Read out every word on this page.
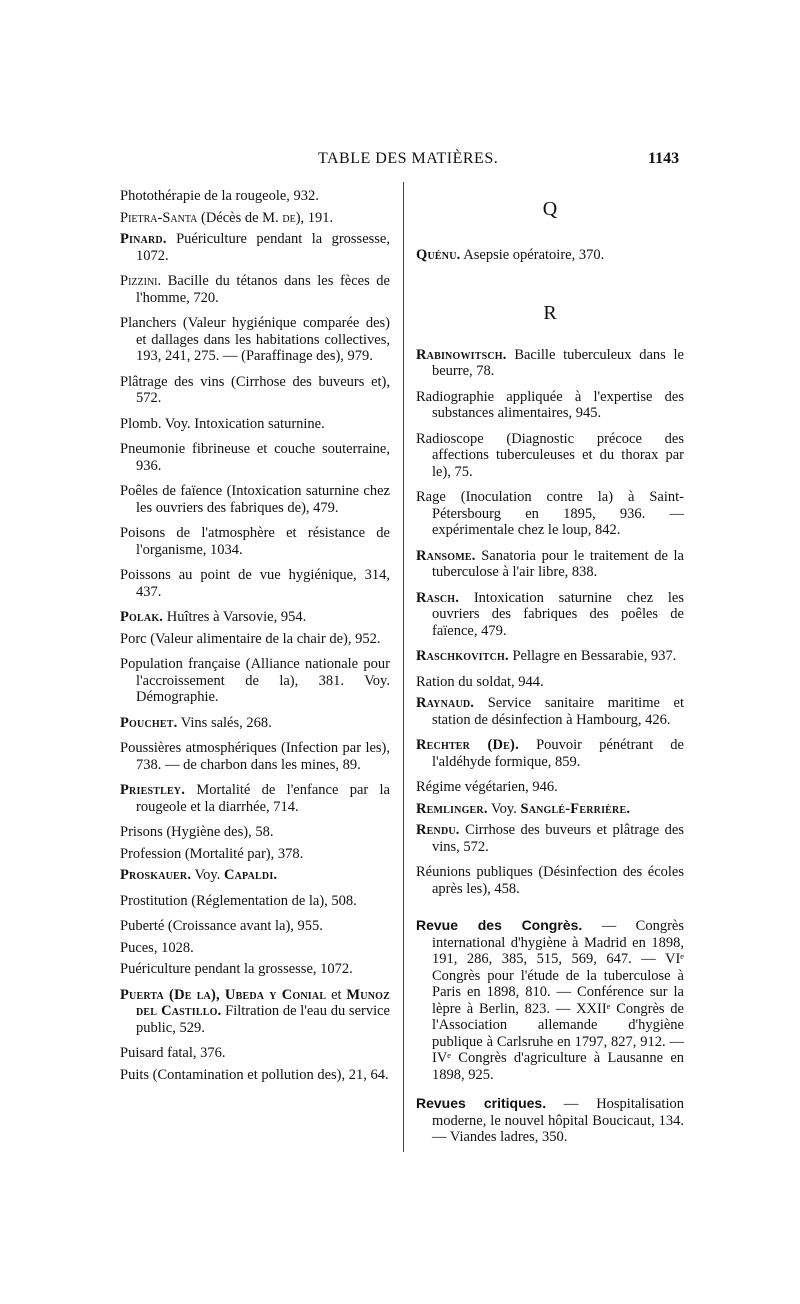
TABLE DES MATIÈRES.	1143
Photothérapie de la rougeole, 932.
Pietra-Santa (Décès de M. de), 191.
Pinard. Puériculture pendant la grossesse, 1072.
Pizzini. Bacille du tétanos dans les fèces de l'homme, 720.
Planchers (Valeur hygiénique comparée des) et dallages dans les habitations collectives, 193, 241, 275. — (Paraffinage des), 979.
Plâtrage des vins (Cirrhose des buveurs et), 572.
Plomb. Voy. Intoxication saturnine.
Pneumonie fibrineuse et couche souterraine, 936.
Poêles de faïence (Intoxication saturnine chez les ouvriers des fabriques de), 479.
Poisons de l'atmosphère et résistance de l'organisme, 1034.
Poissons au point de vue hygiénique, 314, 437.
Polak. Huîtres à Varsovie, 954.
Porc (Valeur alimentaire de la chair de), 952.
Population française (Alliance nationale pour l'accroissement de la), 381. Voy. Démographie.
Pouchet. Vins salés, 268.
Poussières atmosphériques (Infection par les), 738. — de charbon dans les mines, 89.
Priestley. Mortalité de l'enfance par la rougeole et la diarrhée, 714.
Prisons (Hygiène des), 58.
Profession (Mortalité par), 378.
Proskauer. Voy. Capaldi.
Prostitution (Réglementation de la), 508.
Puberté (Croissance avant la), 955.
Puces, 1028.
Puériculture pendant la grossesse, 1072.
Puerta (De la), Ubeda y Conial et Munoz del Castillo. Filtration de l'eau du service public, 529.
Puisard fatal, 376.
Puits (Contamination et pollution des), 21, 64.
Q
Quénu. Asepsie opératoire, 370.
R
Rabinowitsch. Bacille tuberculeux dans le beurre, 78.
Radiographie appliquée à l'expertise des substances alimentaires, 945.
Radioscope (Diagnostic précoce des affections tuberculeuses et du thorax par le), 75.
Rage (Inoculation contre la) à Saint-Pétersbourg en 1895, 936. — expérimentale chez le loup, 842.
Ransome. Sanatoria pour le traitement de la tuberculose à l'air libre, 838.
Rasch. Intoxication saturnine chez les ouvriers des fabriques des poêles de faïence, 479.
Raschkovitch. Pellagre en Bessarabie, 937.
Ration du soldat, 944.
Raynaud. Service sanitaire maritime et station de désinfection à Hambourg, 426.
Rechter (De). Pouvoir pénétrant de l'aldéhyde formique, 859.
Régime végétarien, 946.
Remlinger. Voy. Sanglé-Ferrière.
Rendu. Cirrhose des buveurs et plâtrage des vins, 572.
Réunions publiques (Désinfection des écoles après les), 458.
Revue des Congrès. — Congrès international d'hygiène à Madrid en 1898, 191, 286, 385, 515, 569, 647. — VIᵉ Congrès pour l'étude de la tuberculose à Paris en 1898, 810. — Conférence sur la lèpre à Berlin, 823. — XXIIᵉ Congrès de l'Association allemande d'hygiène publique à Carlsruhe en 1797, 827, 912. — IVᵉ Congrès d'agriculture à Lausanne en 1898, 925.
Revues critiques. — Hospitalisation moderne, le nouvel hôpital Boucicaut, 134. — Viandes ladres, 350.
